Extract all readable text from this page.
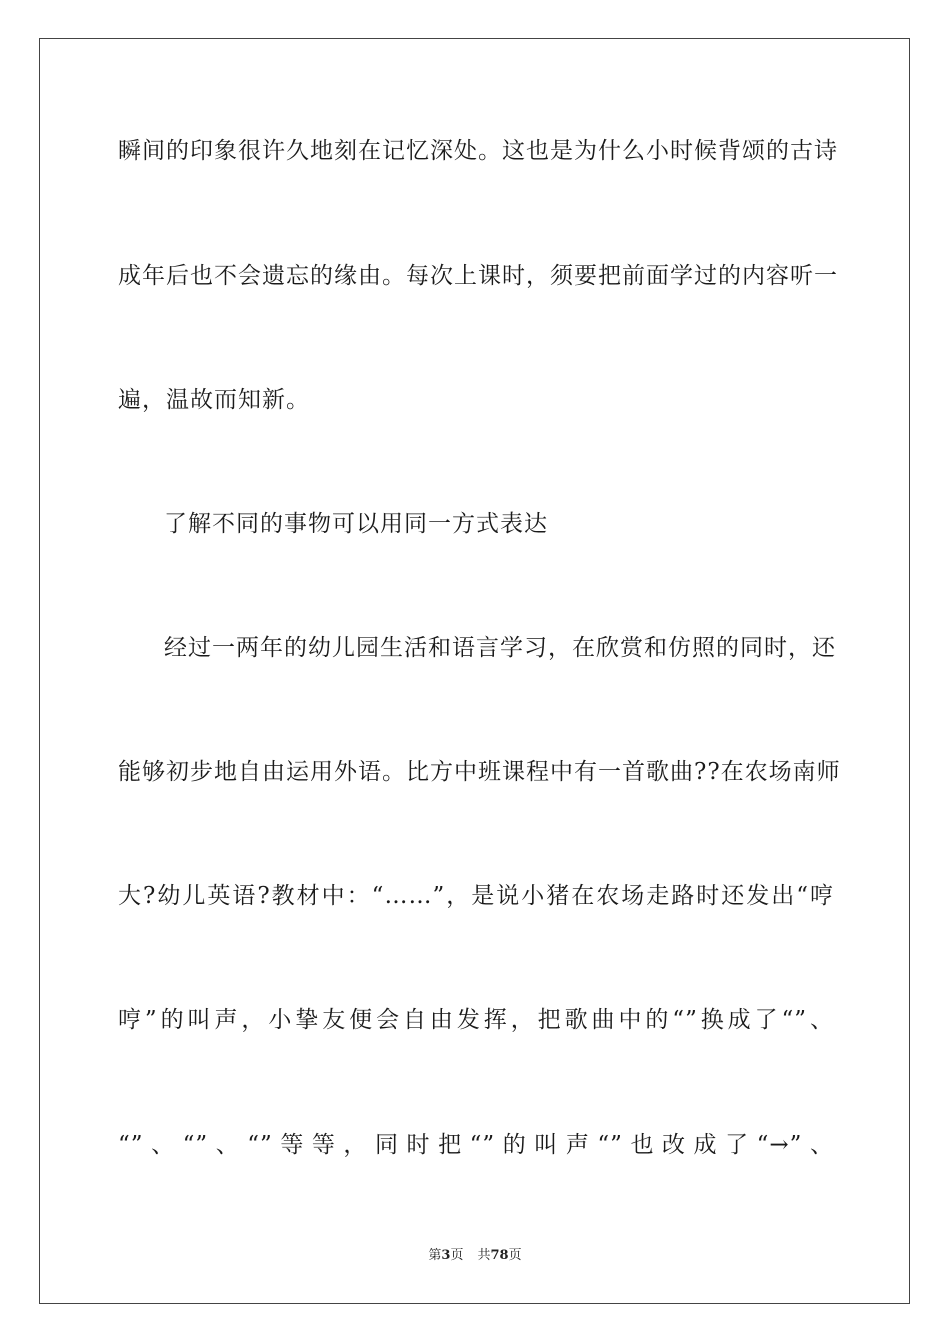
瞬间的印象很许久地刻在记忆深处。这也是为什么小时候背颂的古诗
成年后也不会遗忘的缘由。每次上课时，须要把前面学过的内容听一
遍，温故而知新。
了解不同的事物可以用同一方式表达
经过一两年的幼儿园生活和语言学习，在欣赏和仿照的同时，还
能够初步地自由运用外语。比方中班课程中有一首歌曲??在农场南师
大?幼儿英语?教材中：“……”，是说小猪在农场走路时还发出“哼
哼”的叫声，小挚友便会自由发挥，把歌曲中的“”换成了“”、
“”、“”、“”等等，同时把“”的叫声“”也改成了“→”、
第3页 共78页
